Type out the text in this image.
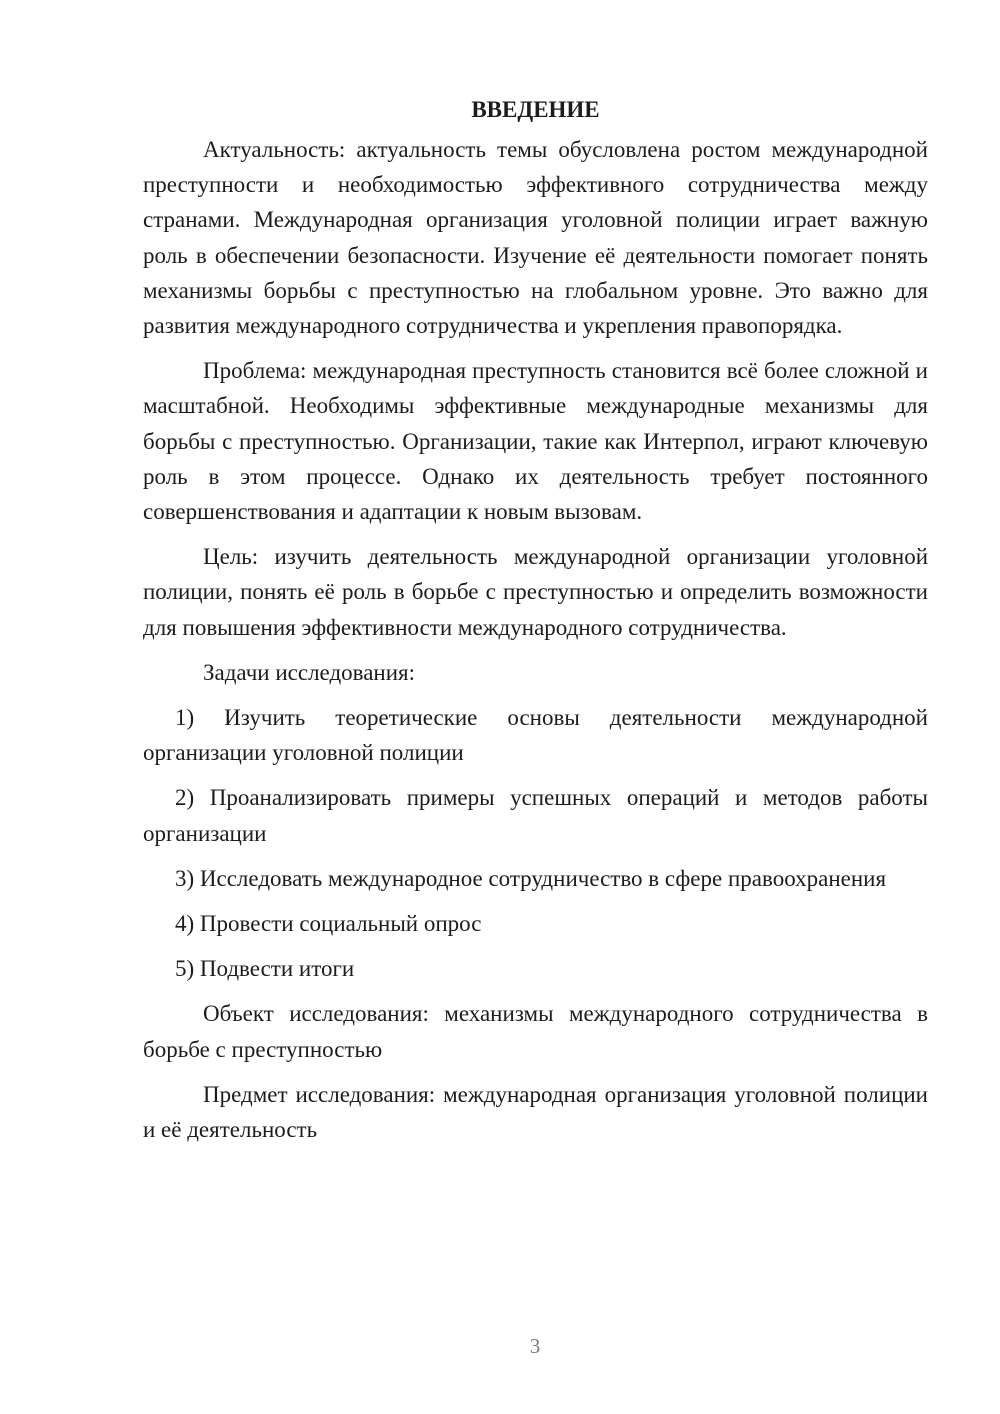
ВВЕДЕНИЕ

Актуальность: актуальность темы обусловлена ростом международной преступности и необходимостью эффективного сотрудничества между странами. Международная организация уголовной полиции играет важную роль в обеспечении безопасности. Изучение её деятельности помогает понять механизмы борьбы с преступностью на глобальном уровне. Это важно для развития международного сотрудничества и укрепления правопорядка.

Проблема: международная преступность становится всё более сложной и масштабной. Необходимы эффективные международные механизмы для борьбы с преступностью. Организации, такие как Интерпол, играют ключевую роль в этом процессе. Однако их деятельность требует постоянного совершенствования и адаптации к новым вызовам.

Цель: изучить деятельность международной организации уголовной полиции, понять её роль в борьбе с преступностью и определить возможности для повышения эффективности международного сотрудничества.

Задачи исследования:

1) Изучить теоретические основы деятельности международной организации уголовной полиции

2) Проанализировать примеры успешных операций и методов работы организации

3) Исследовать международное сотрудничество в сфере правоохранения

4) Провести социальный опрос

5) Подвести итоги

Объект исследования: механизмы международного сотрудничества в борьбе с преступностью

Предмет исследования: международная организация уголовной полиции и её деятельность

3
